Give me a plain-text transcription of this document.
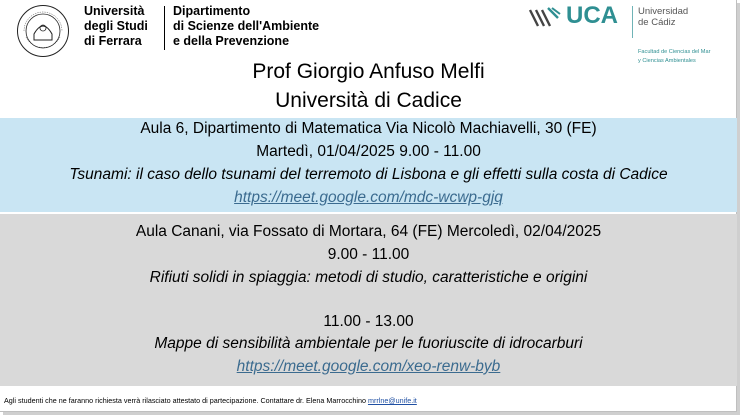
Università
degli Studi
di Ferrara
Dipartimento
di Scienze dell'Ambiente
e della Prevenzione
UCA Universidad
de Cádiz
Facultad de Ciencias del Mar
y Ciencias Ambientales
Prof Giorgio Anfuso Melfi
Università di Cadice
Aula 6, Dipartimento di Matematica Via Nicolò Machiavelli, 30 (FE)
Martedì, 01/04/2025 9.00 - 11.00
Tsunami: il caso dello tsunami del terremoto di Lisbona e gli effetti sulla costa di Cadice
https://meet.google.com/mdc-wcwp-gjq
Aula Canani, via Fossato di Mortara, 64 (FE) Mercoledì, 02/04/2025
9.00 - 11.00
Rifiuti solidi in spiaggia: metodi di studio, caratteristiche e origini
11.00 - 13.00
Mappe di sensibilità ambientale per le fuoriuscite di idrocarburi
https://meet.google.com/xeo-renw-byb
Agli studenti che ne faranno richiesta verrà rilasciato attestato di partecipazione. Contattare dr. Elena Marrocchino mrrlne@unife.it
